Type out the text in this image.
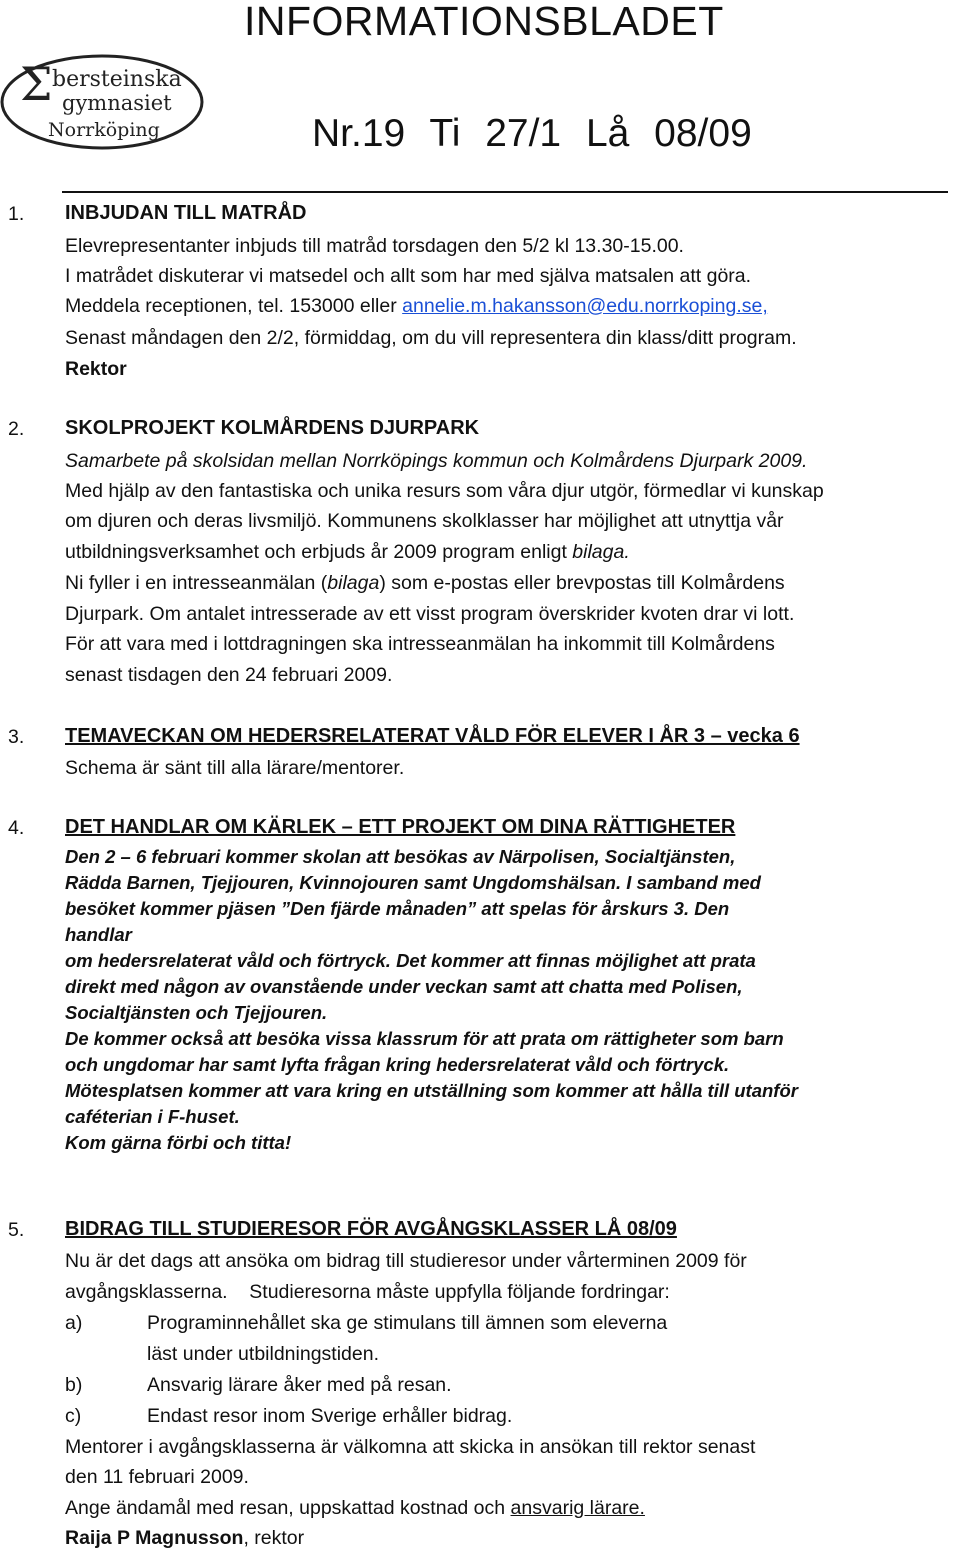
INFORMATIONSBLADET
Σ bersteinska
gymnasiet
Norrköping	Nr.19 Ti 27/1 Lå 08/09
1. INBJUDAN TILL MATRÅD
Elevrepresentanter inbjuds till matråd torsdagen den 5/2 kl 13.30-15.00.
I matrådet diskuterar vi matsedel och allt som har med själva matsalen att göra.
Meddela receptionen, tel. 153000 eller annelie.m.hakansson@edu.norrkoping.se,
Senast måndagen den 2/2, förmiddag, om du vill representera din klass/ditt program.
Rektor
2. SKOLPROJEKT KOLMÅRDENS DJURPARK
Samarbete på skolsidan mellan Norrköpings kommun och Kolmårdens Djurpark 2009.
Med hjälp av den fantastiska och unika resurs som våra djur utgör, förmedlar vi kunskap
om djuren och deras livsmiljö. Kommunens skolklasser har möjlighet att utnyttja vår
utbildningsverksamhet och erbjuds år 2009 program enligt bilaga.
Ni fyller i en intresseanmälan (bilaga) som e-postas eller brevpostas till Kolmårdens
Djurpark. Om antalet intresserade av ett visst program överskrider kvoten drar vi lott.
För att vara med i lottdragningen ska intresseanmälan ha inkommit till Kolmårdens
senast tisdagen den 24 februari 2009.
3. TEMAVECKAN OM HEDERSRELATERAT VÅLD FÖR ELEVER I ÅR 3 – vecka 6
Schema är sänt till alla lärare/mentorer.
4. DET HANDLAR OM KÄRLEK – ETT PROJEKT OM DINA RÄTTIGHETER
Den 2 – 6 februari kommer skolan att besökas av Närpolisen, Socialtjänsten,
Rädda Barnen, Tjejjouren, Kvinnojouren samt Ungdomshälsan. I samband med
besöket kommer pjäsen ”Den fjärde månaden” att spelas för årskurs 3. Den
handlar
om hedersrelaterat våld och förtryck. Det kommer att finnas möjlighet att prata
direkt med någon av ovanstående under veckan samt att chatta med Polisen,
Socialtjänsten och Tjejjouren.
De kommer också att besöka vissa klassrum för att prata om rättigheter som barn
och ungdomar har samt lyfta frågan kring hedersrelaterat våld och förtryck.
Mötesplatsen kommer att vara kring en utställning som kommer att hålla till utanför
caféterian i F-huset.
Kom gärna förbi och titta!
5. BIDRAG TILL STUDIERESOR FÖR AVGÅNGSKLASSER LÅ 08/09
Nu är det dags att ansöka om bidrag till studieresor under vårterminen 2009 för
avgångsklasserna.    Studieresorna måste uppfylla följande fordringar:
a)	Programinnehållet ska ge stimulans till ämnen som eleverna
läst under utbildningstiden.
b)	Ansvarig lärare åker med på resan.
c)	Endast resor inom Sverige erhåller bidrag.
Mentorer i avgångsklasserna är välkomna att skicka in ansökan till rektor senast
den 11 februari 2009.
Ange ändamål med resan, uppskattad kostnad och ansvarig lärare.
Raija P Magnusson, rektor
